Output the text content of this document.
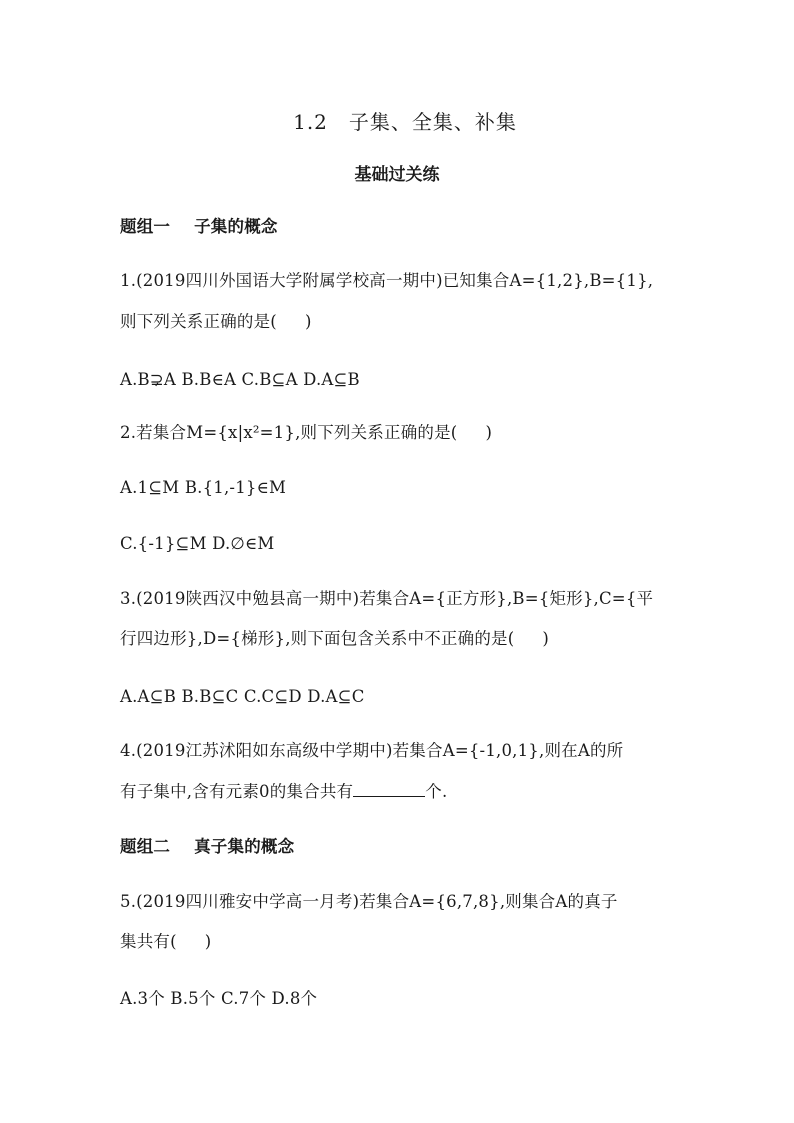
1.2　子集、全集、补集
基础过关练
题组一 子集的概念
1.(2019四川外国语大学附属学校高一期中)已知集合A={1,2},B={1},
则下列关系正确的是( )
A.B⊋A B.B∈A C.B⊆A D.A⊆B
2.若集合M={x|x²=1},则下列关系正确的是( )
A.1⊆M B.{1,-1}∈M
C.{-1}⊆M D.∅∈M
3.(2019陕西汉中勉县高一期中)若集合A={正方形},B={矩形},C={平
行四边形},D={梯形},则下面包含关系中不正确的是( )
A.A⊆B B.B⊆C C.C⊆D D.A⊆C
4.(2019江苏沭阳如东高级中学期中)若集合A={-1,0,1},则在A的所
有子集中,含有元素0的集合共有	个.
题组二 真子集的概念
5.(2019四川雅安中学高一月考)若集合A={6,7,8},则集合A的真子
集共有( )
A.3个 B.5个 C.7个 D.8个
